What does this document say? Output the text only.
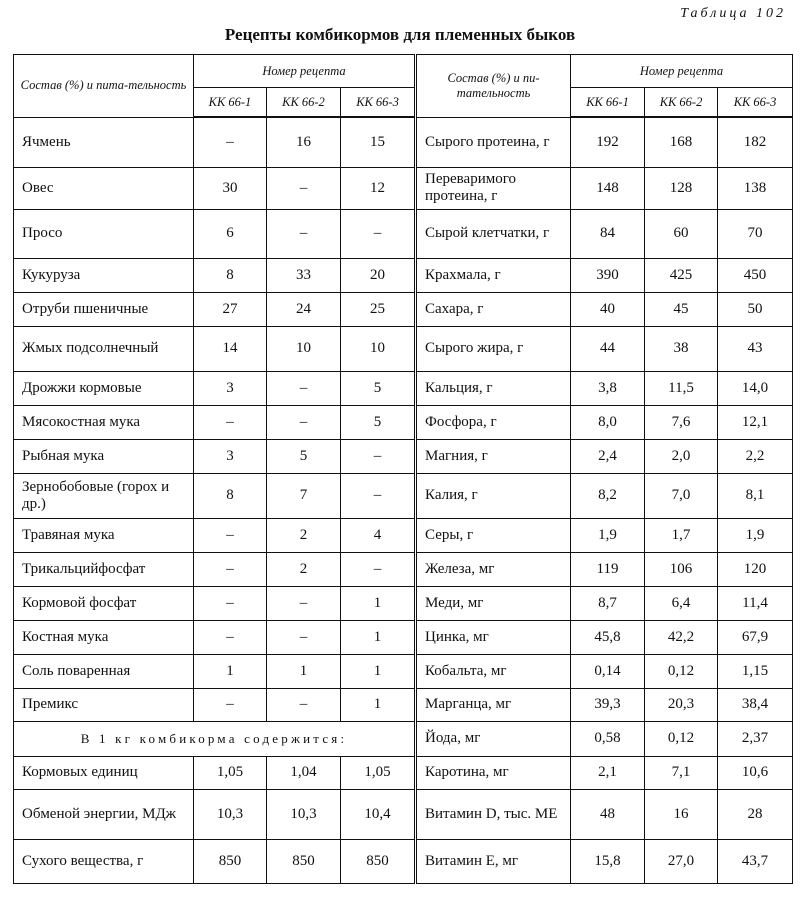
Таблица 102
Рецепты комбикормов для племенных быков
Состав (%) и пита-тельность	Номер рецепта			Состав (%) и пи-тательность	Номер рецепта		
	КК 66-1	КК 66-2	КК 66-3		КК 66-1	КК 66-2	КК 66-3
Ячмень	–	16	15	Сырого протеина, г	192	168	182
Овес	30	–	12	Переваримого протеина, г	148	128	138
Просо	6	–	–	Сырой клетчатки, г	84	60	70
Кукуруза	8	33	20	Крахмала, г	390	425	450
Отруби пшеничные	27	24	25	Сахара, г	40	45	50
Жмых подсолнечный	14	10	10	Сырого жира, г	44	38	43
Дрожжи кормовые	3	–	5	Кальция, г	3,8	11,5	14,0
Мясокостная мука	–	–	5	Фосфора, г	8,0	7,6	12,1
Рыбная мука	3	5	–	Магния, г	2,4	2,0	2,2
Зернобобовые (горох и др.)	8	7	–	Калия, г	8,2	7,0	8,1
Травяная мука	–	2	4	Серы, г	1,9	1,7	1,9
Трикальцийфосфат	–	2	–	Железа, мг	119	106	120
Кормовой фосфат	–	–	1	Меди, мг	8,7	6,4	11,4
Костная мука	–	–	1	Цинка, мг	45,8	42,2	67,9
Соль поваренная	1	1	1	Кобальта, мг	0,14	0,12	1,15
Премикс	–	–	1	Марганца, мг	39,3	20,3	38,4
В 1 кг комбикорма содержится:				Йода, мг	0,58	0,12	2,37
Кормовых единиц	1,05	1,04	1,05	Каротина, мг	2,1	7,1	10,6
Обменой энергии, МДж	10,3	10,3	10,4	Витамин D, тыс. МЕ	48	16	28
Сухого вещества, г	850	850	850	Витамин Е, мг	15,8	27,0	43,7
